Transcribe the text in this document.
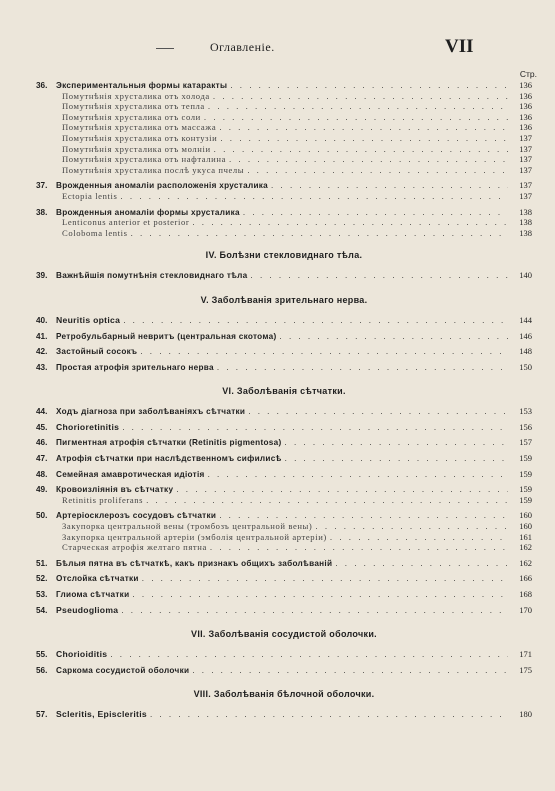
Оглавленіе.	VII
Стр.
36.	Экспериментальныя формы катаракты . . .	136
Помутнѣнія хрусталика отъ холода . . .	136
Помутнѣнія хрусталика отъ тепла . . .	136
Помутнѣнія хрусталика отъ соли . . .	136
Помутнѣнія хрусталика отъ массажа . . .	136
Помутнѣнія хрусталика отъ контузіи . . .	137
Помутнѣнія хрусталика отъ молніи . . .	137
Помутнѣнія хрусталика отъ нафталина . . .	137
Помутнѣнія хрусталика послѣ укуса пчелы . . .	137
37.	Врожденныя аномаліи расположенія хрусталика . . .	137
Ectopia lentis . . .	137
38.	Врожденныя аномаліи формы хрусталика . . .	138
Lenticonus anterior et posterior . . .	138
Coloboma lentis . . .	138
IV. Болѣзни стекловиднаго тѣла.
39.	Важнѣйшія помутнѣнія стекловиднаго тѣла . . .	140
V. Заболѣванія зрительнаго нерва.
40.	Neuritis optica . . .	144
41.	Ретробульбарный невритъ (центральная скотома) . . .	146
42.	Застойный сосокъ . . .	148
43.	Простая атрофія зрительнаго нерва . . .	150
VI. Заболѣванія сѣтчатки.
44.	Ходъ діагноза при заболѣваніяхъ сѣтчатки . . .	153
45.	Chorioretinitis . . .	156
46.	Пигментная атрофія сѣтчатки (Retinitis pigmentosa) . . .	157
47.	Атрофія сѣтчатки при наслѣдственномъ сифилисѣ . . .	159
48.	Семейная амавротическая идіотія . . .	159
49.	Кровоизліянія въ сѣтчатку . . .	159
Retinitis proliferans . . .	159
50.	Артеріосклерозъ сосудовъ сѣтчатки . . .	160
Закупорка центральной вены (тромбозъ центральной вены) . . .	160
Закупорка центральной артеріи (эмболія центральной артеріи) . . .	161
Старческая атрофія желтаго пятна . . .	162
51.	Бѣлыя пятна въ сѣтчаткѣ, какъ признакъ общихъ заболѣваній . . .	162
52.	Отслойка сѣтчатки . . .	166
53.	Глиома сѣтчатки . . .	168
54.	Pseudoglioma . . .	170
VII. Заболѣванія сосудистой оболочки.
55.	Chorioiditis . . .	171
56.	Саркома сосудистой оболочки . . .	175
VIII. Заболѣванія бѣлочной оболочки.
57.	Scleritis, Episcleritis . . .	180
